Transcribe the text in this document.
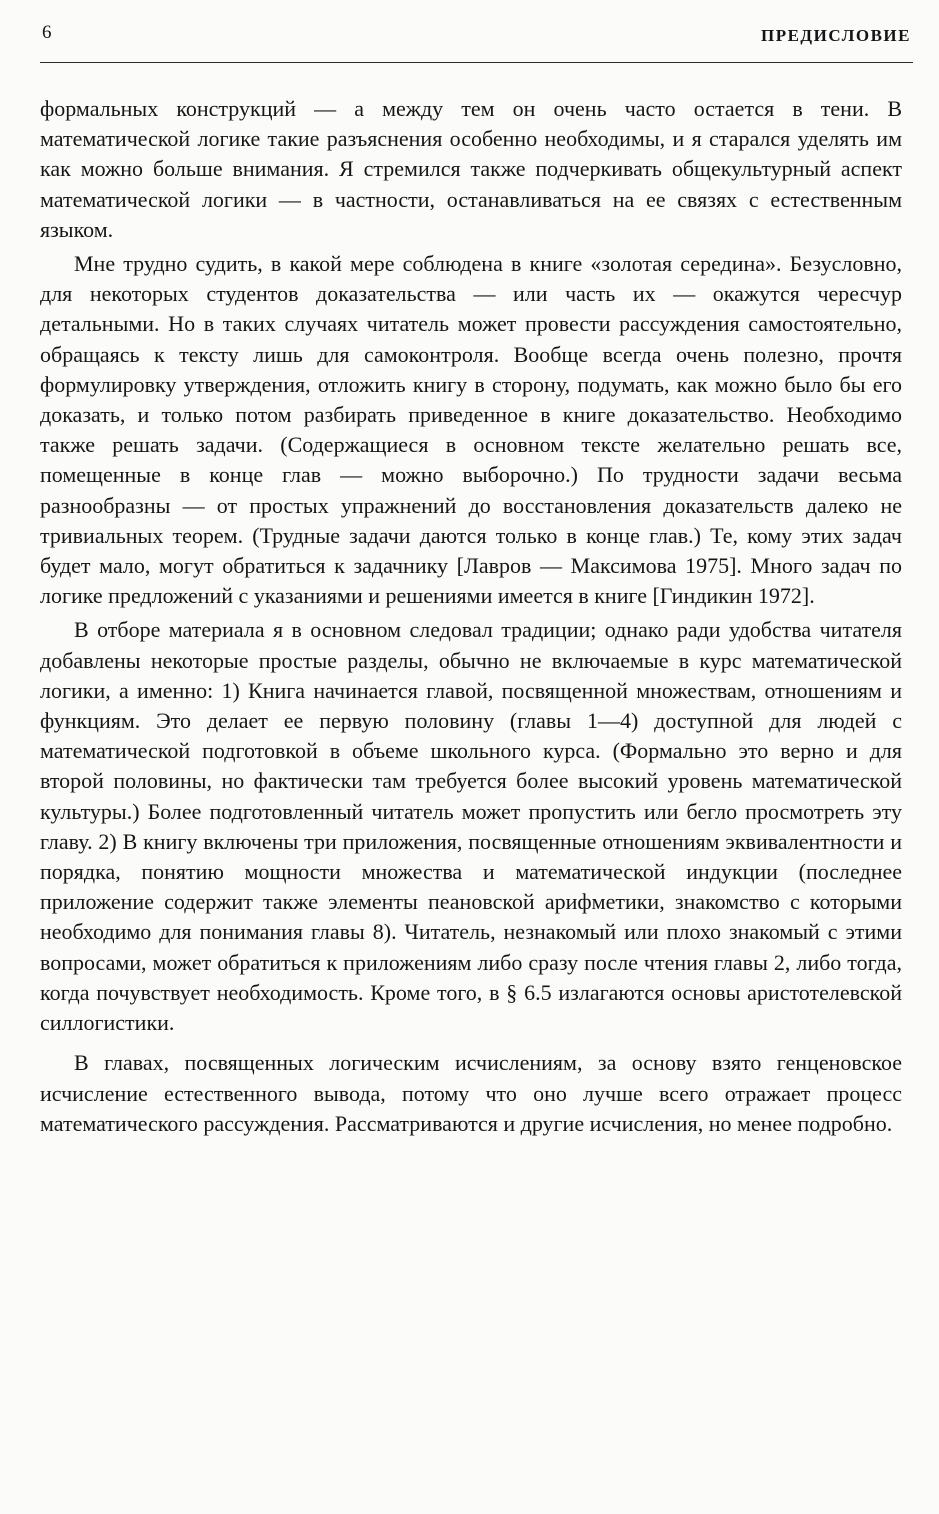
6	ПРЕДИСЛОВИЕ

формальных конструкций — а между тем он очень часто остается в тени. В математической логике такие разъяснения особенно необходимы, и я старался уделять им как можно больше внимания. Я стремился также подчеркивать общекультурный аспект математической логики — в частности, останавливаться на ее связях с естественным языком.

Мне трудно судить, в какой мере соблюдена в книге «золотая середина». Безусловно, для некоторых студентов доказательства — или часть их — окажутся чересчур детальными. Но в таких случаях читатель может провести рассуждения самостоятельно, обращаясь к тексту лишь для самоконтроля. Вообще всегда очень полезно, прочтя формулировку утверждения, отложить книгу в сторону, подумать, как можно было бы его доказать, и только потом разбирать приведенное в книге доказательство. Необходимо также решать задачи. (Содержащиеся в основном тексте желательно решать все, помещенные в конце глав — можно выборочно.) По трудности задачи весьма разнообразны — от простых упражнений до восстановления доказательств далеко не тривиальных теорем. (Трудные задачи даются только в конце глав.) Те, кому этих задач будет мало, могут обратиться к задачнику [Лавров — Максимова 1975]. Много задач по логике предложений с указаниями и решениями имеется в книге [Гиндикин 1972].

В отборе материала я в основном следовал традиции; однако ради удобства читателя добавлены некоторые простые разделы, обычно не включаемые в курс математической логики, а именно: 1) Книга начинается главой, посвященной множествам, отношениям и функциям. Это делает ее первую половину (главы 1—4) доступной для людей с математической подготовкой в объеме школьного курса. (Формально это верно и для второй половины, но фактически там требуется более высокий уровень математической культуры.) Более подготовленный читатель может пропустить или бегло просмотреть эту главу. 2) В книгу включены три приложения, посвященные отношениям эквивалентности и порядка, понятию мощности множества и математической индукции (последнее приложение содержит также элементы пеановской арифметики, знакомство с которыми необходимо для понимания главы 8). Читатель, незнакомый или плохо знакомый с этими вопросами, может обратиться к приложениям либо сразу после чтения главы 2, либо тогда, когда почувствует необходимость. Кроме того, в § 6.5 излагаются основы аристотелевской силлогистики.

В главах, посвященных логическим исчислениям, за основу взято генценовское исчисление естественного вывода, потому что оно лучше всего отражает процесс математического рассуждения. Рассматриваются и другие исчисления, но менее подробно.
